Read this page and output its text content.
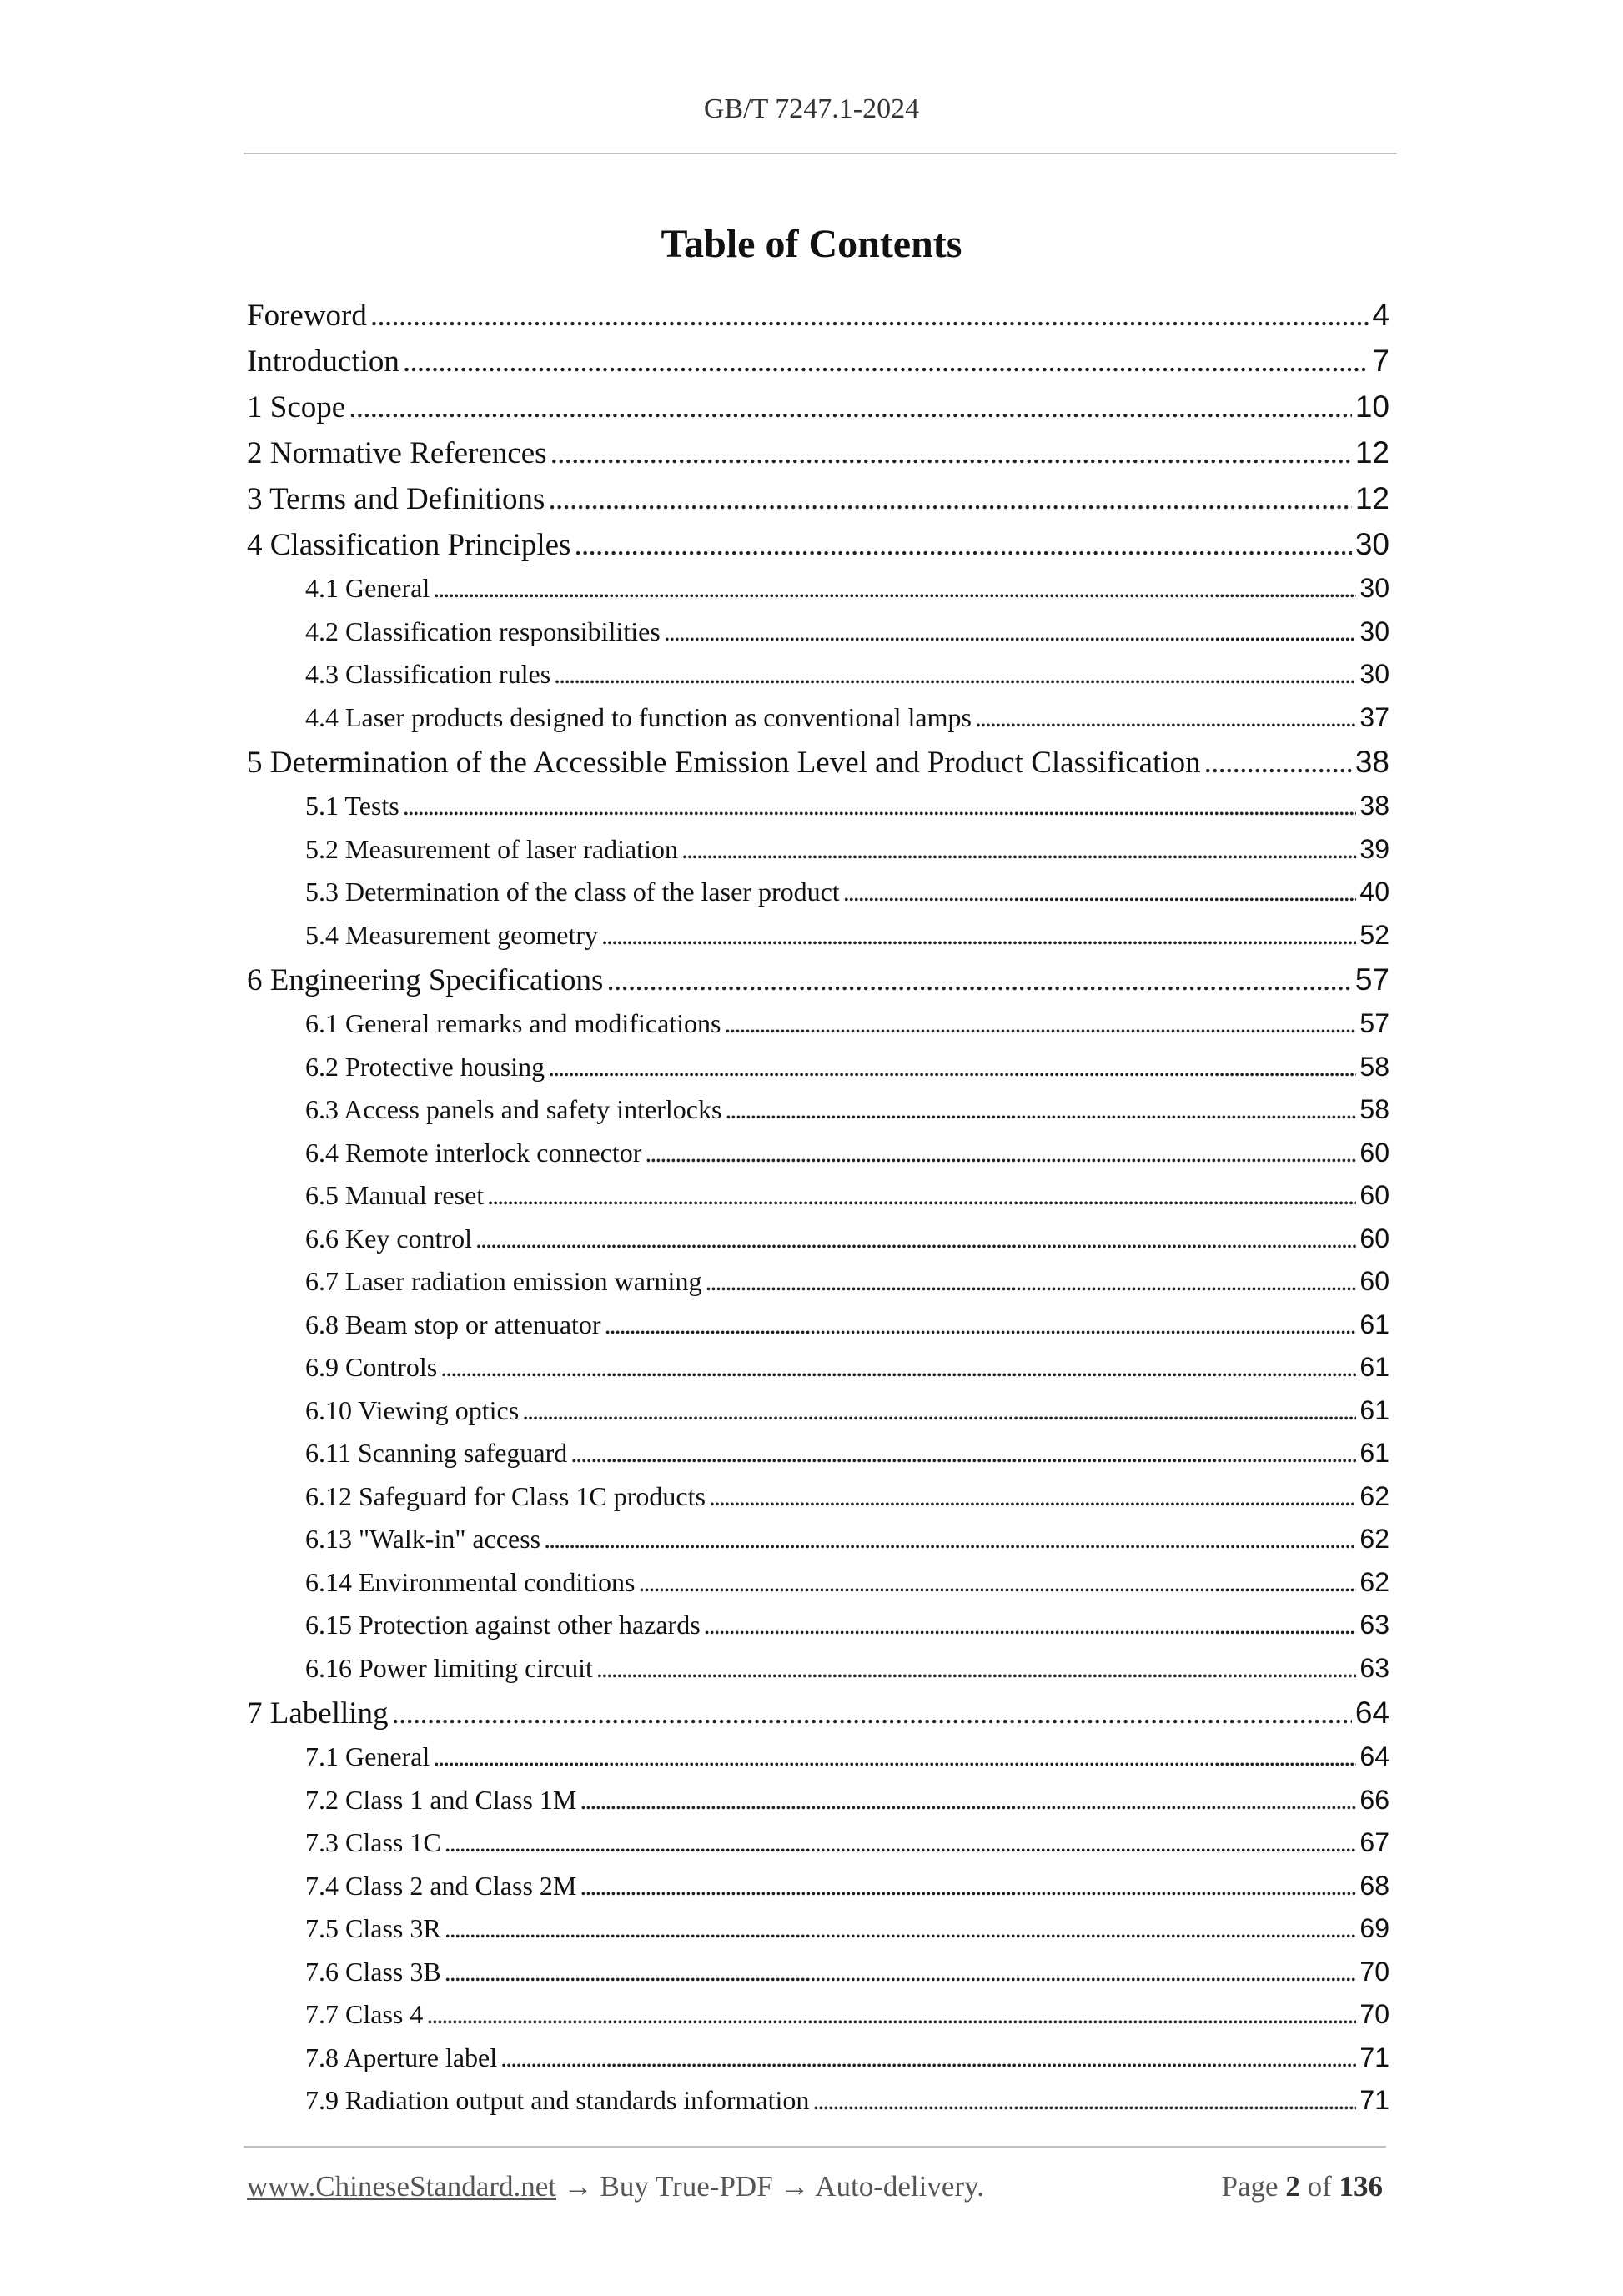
GB/T 7247.1-2024
Table of Contents
Foreword . . .	4
Introduction . . .	7
1 Scope . . .	10
2 Normative References . . .	12
3 Terms and Definitions . . .	12
4 Classification Principles . . .	30
4.1 General . . .	30
4.2 Classification responsibilities . . .	30
4.3 Classification rules . . .	30
4.4 Laser products designed to function as conventional lamps . . .	37
5 Determination of the Accessible Emission Level and Product Classification . . .	38
5.1 Tests . . .	38
5.2 Measurement of laser radiation . . .	39
5.3 Determination of the class of the laser product . . .	40
5.4 Measurement geometry . . .	52
6 Engineering Specifications . . .	57
6.1 General remarks and modifications . . .	57
6.2 Protective housing . . .	58
6.3 Access panels and safety interlocks . . .	58
6.4 Remote interlock connector . . .	60
6.5 Manual reset . . .	60
6.6 Key control . . .	60
6.7 Laser radiation emission warning . . .	60
6.8 Beam stop or attenuator . . .	61
6.9 Controls . . .	61
6.10 Viewing optics . . .	61
6.11 Scanning safeguard . . .	61
6.12 Safeguard for Class 1C products . . .	62
6.13 "Walk-in" access . . .	62
6.14 Environmental conditions . . .	62
6.15 Protection against other hazards . . .	63
6.16 Power limiting circuit . . .	63
7 Labelling . . .	64
7.1 General . . .	64
7.2 Class 1 and Class 1M . . .	66
7.3 Class 1C . . .	67
7.4 Class 2 and Class 2M . . .	68
7.5 Class 3R . . .	69
7.6 Class 3B . . .	70
7.7 Class 4 . . .	70
7.8 Aperture label . . .	71
7.9 Radiation output and standards information . . .	71
www.ChineseStandard.net → Buy True-PDF → Auto-delivery.	Page 2 of 136
